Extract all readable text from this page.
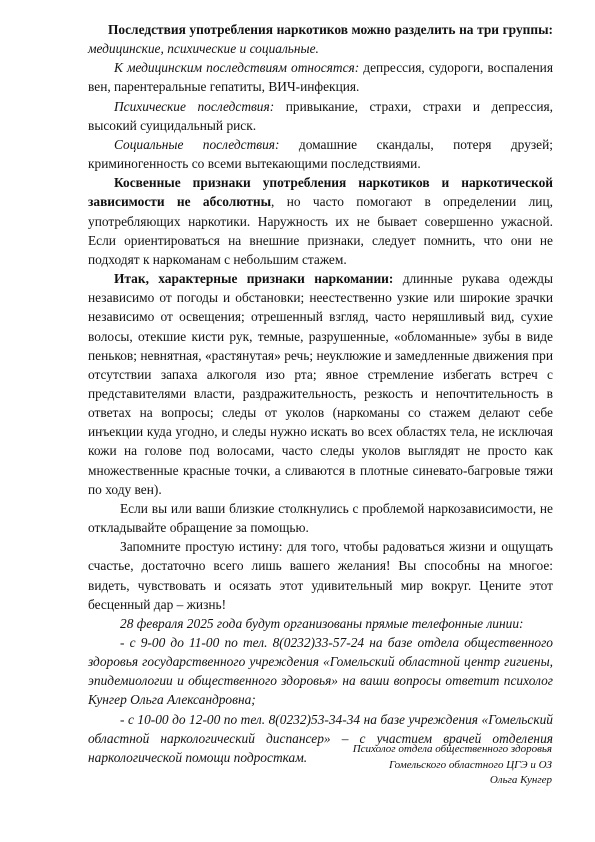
Последствия употребления наркотиков можно разделить на три группы: медицинские, психические и социальные.

К медицинским последствиям относятся: депрессия, судороги, воспаления вен, парентеральные гепатиты, ВИЧ-инфекция.

Психические последствия: привыкание, страхи, страхи и депрессия, высокий суицидальный риск.

Социальные последствия: домашние скандалы, потеря друзей; криминогенность со всеми вытекающими последствиями.

Косвенные признаки употребления наркотиков и наркотической зависимости не абсолютны, но часто помогают в определении лиц, употребляющих наркотики. Наружность их не бывает совершенно ужасной. Если ориентироваться на внешние признаки, следует помнить, что они не подходят к наркоманам с небольшим стажем.

Итак, характерные признаки наркомании: длинные рукава одежды независимо от погоды и обстановки; неестественно узкие или широкие зрачки независимо от освещения; отрешенный взгляд, часто неряшливый вид, сухие волосы, отекшие кисти рук, темные, разрушенные, «обломанные» зубы в виде пеньков; невнятная, «растянутая» речь; неуклюжие и замедленные движения при отсутствии запаха алкоголя изо рта; явное стремление избегать встреч с представителями власти, раздражительность, резкость и непочтительность в ответах на вопросы; следы от уколов (наркоманы со стажем делают себе инъекции куда угодно, и следы нужно искать во всех областях тела, не исключая кожи на голове под волосами, часто следы уколов выглядят не просто как множественные красные точки, а сливаются в плотные синевато-багровые тяжи по ходу вен).

Если вы или ваши близкие столкнулись с проблемой наркозависимости, не откладывайте обращение за помощью.

Запомните простую истину: для того, чтобы радоваться жизни и ощущать счастье, достаточно всего лишь вашего желания! Вы способны на многое: видеть, чувствовать и осязать этот удивительный мир вокруг. Цените этот бесценный дар – жизнь!

28 февраля 2025 года будут организованы прямые телефонные линии:

- с 9-00 до 11-00 по тел. 8(0232)33-57-24 на базе отдела общественного здоровья государственного учреждения «Гомельский областной центр гигиены, эпидемиологии и общественного здоровья» на ваши вопросы ответит психолог Кунгер Ольга Александровна;

- с 10-00 до 12-00 по тел. 8(0232)53-34-34 на базе учреждения «Гомельский областной наркологический диспансер» – с участием врачей отделения наркологической помощи подросткам.

Психолог отдела общественного здоровья
Гомельского областного ЦГЭ и ОЗ
Ольга Кунгер
